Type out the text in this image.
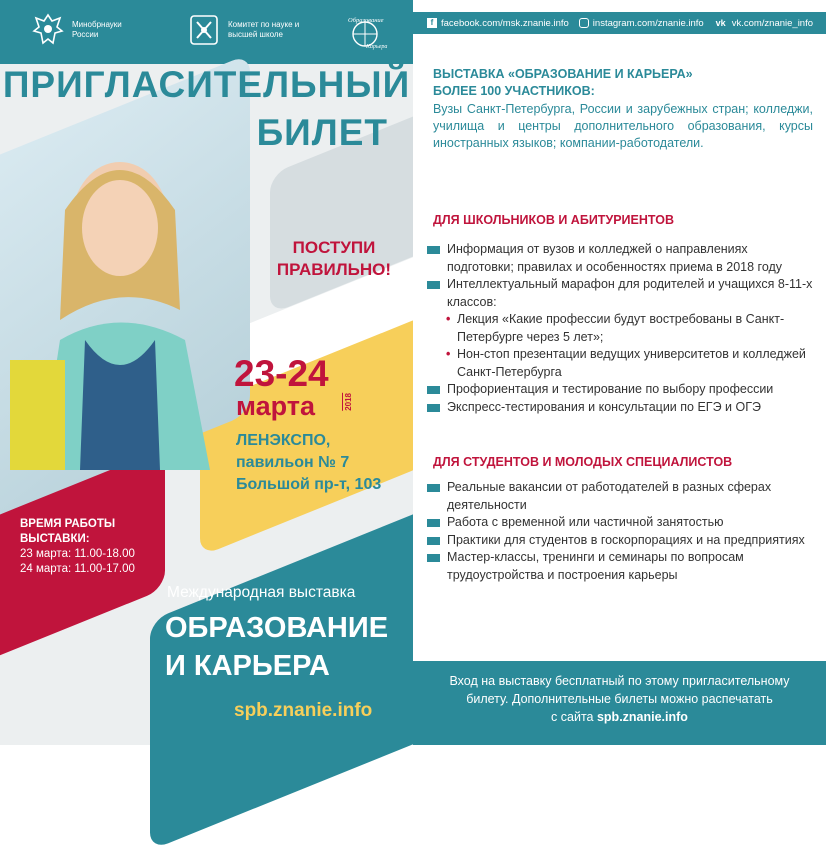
Минобрнауки России
Комитет по науке и высшей школе
Образование
Карьера
ПРИГЛАСИТЕЛЬНЫЙ
БИЛЕТ
ПОСТУПИ
ПРАВИЛЬНО!
23-24
марта	2018
ЛЕНЭКСПО,
павильон № 7
Большой пр-т, 103
ВРЕМЯ РАБОТЫ
ВЫСТАВКИ:
23 марта: 11.00-18.00
24 марта: 11.00-17.00
Международная выставка
ОБРАЗОВАНИЕ
И КАРЬЕРА
spb.znanie.info
f facebook.com/msk.znanie.info	instagram.com/znanie.info vk vk.com/znanie_info
ВЫСТАВКА «ОБРАЗОВАНИЕ И КАРЬЕРА»
БОЛЕЕ 100 УЧАСТНИКОВ:
Вузы Санкт-Петербурга, России и зарубежных стран; колледжи, училища и центры дополнительного образования, курсы иностранных языков; компании-работодатели.
ДЛЯ ШКОЛЬНИКОВ И АБИТУРИЕНТОВ
Информация от вузов и колледжей о направлениях подготовки; правилах и особенностях приема в 2018 году
Интеллектуальный марафон для родителей и учащихся 8-11-х классов:
• Лекция «Какие профессии будут востребованы в Санкт-Петербурге через 5 лет»;
• Нон-стоп презентации ведущих университетов и колледжей Санкт-Петербурга
Профориентация и тестирование по выбору профессии
Экспресс-тестирования и консультации по ЕГЭ и ОГЭ
ДЛЯ СТУДЕНТОВ И МОЛОДЫХ СПЕЦИАЛИСТОВ
Реальные вакансии от работодателей в разных сферах деятельности
Работа с временной или частичной занятостью
Практики для студентов в госкорпорациях и на предприятиях
Мастер-классы, тренинги и семинары по вопросам трудоустройства и построения карьеры
Вход на выставку бесплатный по этому пригласительному
билету. Дополнительные билеты можно распечатать
с сайта spb.znanie.info
